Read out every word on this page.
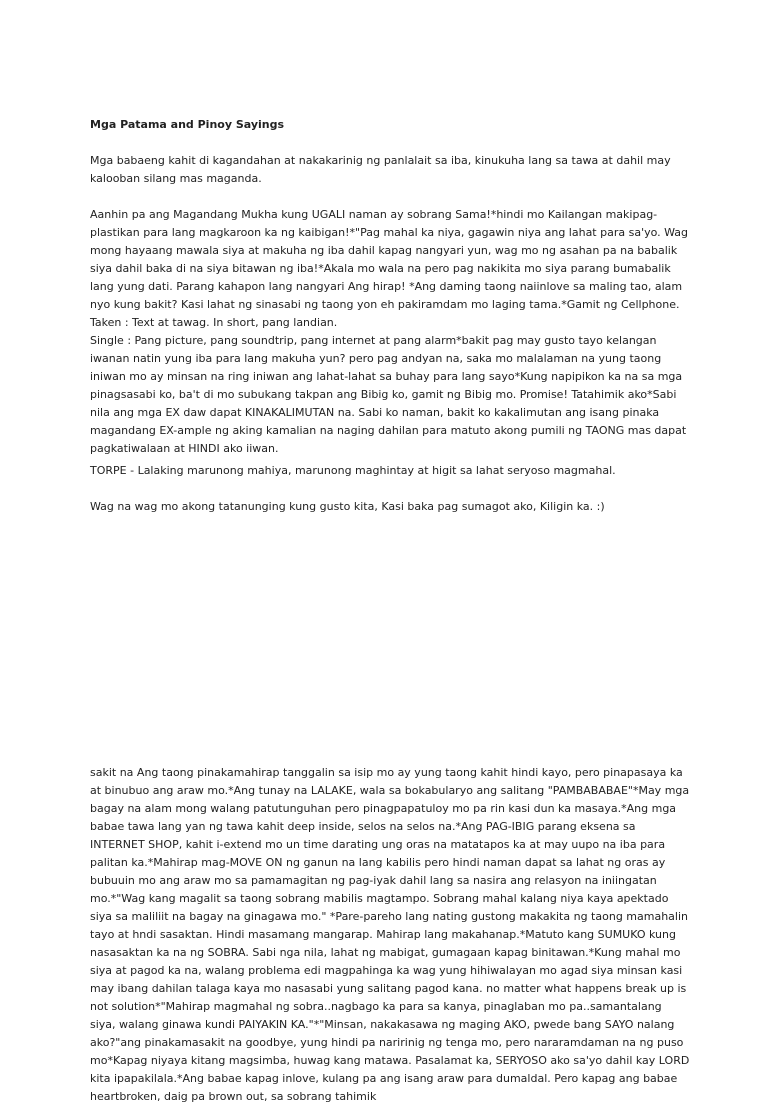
Mga Patama and Pinoy Sayings

Mga babaeng kahit di kagandahan at nakakarinig ng panlalait sa iba, kinukuha lang sa tawa at dahil may kalooban silang mas maganda.

Aanhin pa ang Magandang Mukha kung UGALI naman ay sobrang Sama!*hindi mo Kailangan makipag-plastikan para lang magkaroon ka ng kaibigan!*"Pag mahal ka niya, gagawin niya ang lahat para sa'yo. Wag mong hayaang mawala siya at makuha ng iba dahil kapag nangyari yun, wag mo ng asahan pa na babalik siya dahil baka di na siya bitawan ng iba!*Akala mo wala na pero pag nakikita mo siya parang bumabalik lang yung dati. Parang kahapon lang nangyari Ang hirap! *Ang daming taong naiinlove sa maling tao, alam nyo kung bakit? Kasi lahat ng sinasabi ng taong yon eh pakiramdam mo laging tama.*Gamit ng Cellphone.

Taken : Text at tawag. In short, pang landian.

Single : Pang picture, pang soundtrip, pang internet at pang alarm*bakit pag may gusto tayo kelangan iwanan natin yung iba para lang makuha yun? pero pag andyan na, saka mo malalaman na yung taong iniwan mo ay minsan na ring iniwan ang lahat-lahat sa buhay para lang sayo*Kung napipikon ka na sa mga pinagsasabi ko, ba't di mo subukang takpan ang Bibig ko, gamit ng Bibig mo. Promise! Tatahimik ako*Sabi nila ang mga EX daw dapat KINAKALIMUTAN na. Sabi ko naman, bakit ko kakalimutan ang isang pinaka magandang EX-ample ng aking kamalian na naging dahilan para matuto akong pumili ng TAONG mas dapat pagkatiwalaan at HINDI ako iiwan.

TORPE - Lalaking marunong mahiya, marunong maghintay at higit sa lahat seryoso magmahal.

Wag na wag mo akong tatanunging kung gusto kita, Kasi baka pag sumagot ako, Kiligin ka. :)

sakit na Ang taong pinakamahirap tanggalin sa isip mo ay yung taong kahit hindi kayo, pero pinapasaya ka at binubuo ang araw mo.*Ang tunay na LALAKE, wala sa bokabularyo ang salitang "PAMBABABAE"*May mga bagay na alam mong walang patutunguhan pero pinagpapatuloy mo pa rin kasi dun ka masaya.*Ang mga babae tawa lang yan ng tawa kahit deep inside, selos na selos na.*Ang PAG-IBIG parang eksena sa INTERNET SHOP, kahit i-extend mo un time darating ung oras na matatapos ka at may uupo na iba para palitan ka.*Mahirap mag-MOVE ON ng ganun na lang kabilis pero hindi naman dapat sa lahat ng oras ay bubuuin mo ang araw mo sa pamamagitan ng pag-iyak dahil lang sa nasira ang relasyon na iniingatan mo.*"Wag kang magalit sa taong sobrang mabilis magtampo. Sobrang mahal kalang niya kaya apektado siya sa maliliit na bagay na ginagawa mo." *Pare-pareho lang nating gustong makakita ng taong mamahalin tayo at hndi sasaktan. Hindi masamang mangarap. Mahirap lang makahanap.*Matuto kang SUMUKO kung nasasaktan ka na ng SOBRA. Sabi nga nila, lahat ng mabigat, gumagaan kapag binitawan.*Kung mahal mo siya at pagod ka na, walang problema edi magpahinga ka wag yung hihiwalayan mo agad siya minsan kasi may ibang dahilan talaga kaya mo nasasabi yung salitang pagod kana. no matter what happens break up is not solution*"Mahirap magmahal ng sobra..nagbago ka para sa kanya, pinaglaban mo pa..samantalang siya, walang ginawa kundi PAIYAKIN KA."*"Minsan, nakakasawa ng maging AKO, pwede bang SAYO nalang ako?"ang pinakamasakit na goodbye, yung hindi pa naririnig ng tenga mo, pero nararamdaman na ng puso mo*Kapag niyaya kitang magsimba, huwag kang matawa. Pasalamat ka, SERYOSO ako sa'yo dahil kay LORD kita ipapakilala.*Ang babae kapag inlove, kulang pa ang isang araw para dumaldal. Pero kapag ang babae heartbroken, daig pa brown out, sa sobrang tahimik
